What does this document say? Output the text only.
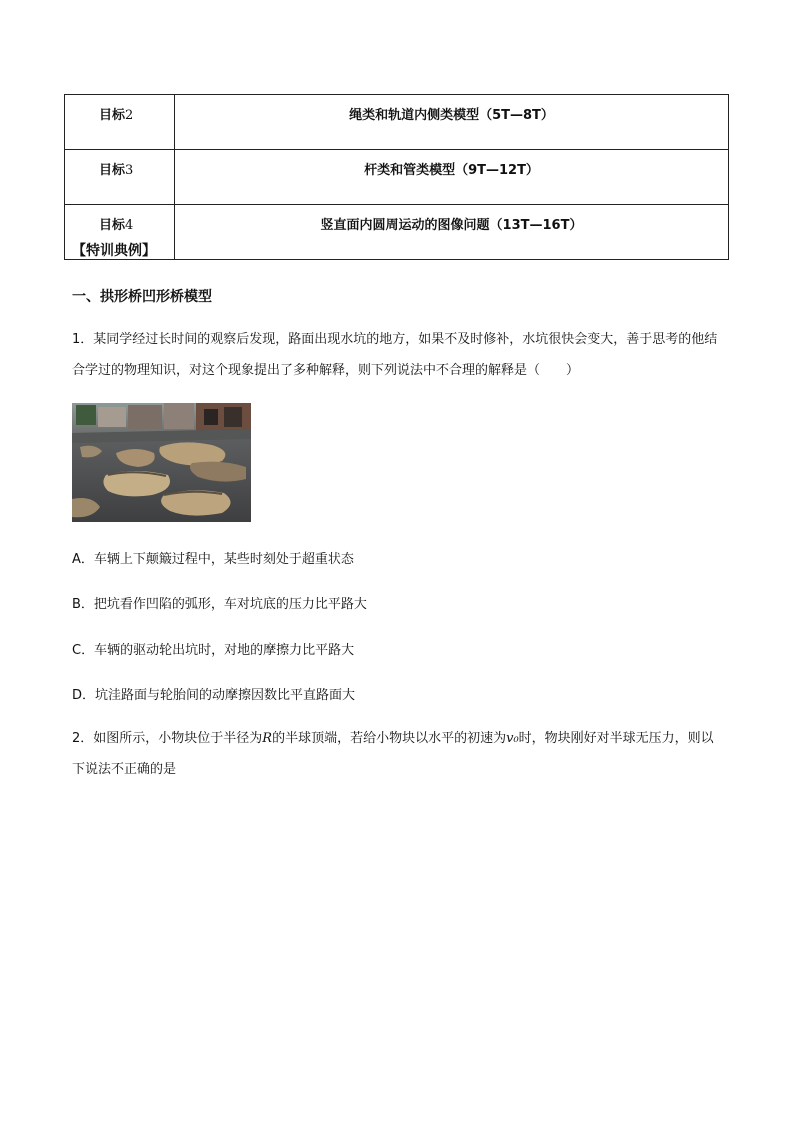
目标2	绳类和轨道内侧类模型（5T—8T）
目标3	杆类和管类模型（9T—12T）
目标4	竖直面内圆周运动的图像问题（13T—16T）
【特训典例】
一、拱形桥凹形桥模型
1．某同学经过长时间的观察后发现，路面出现水坑的地方，如果不及时修补，水坑很快会变大，善于思考的他结合学过的物理知识，对这个现象提出了多种解释，则下列说法中不合理的解释是（　　）
A．车辆上下颠簸过程中，某些时刻处于超重状态
B．把坑看作凹陷的弧形，车对坑底的压力比平路大
C．车辆的驱动轮出坑时，对地的摩擦力比平路大
D．坑洼路面与轮胎间的动摩擦因数比平直路面大
2．如图所示，小物块位于半径为R的半球顶端，若给小物块以水平的初速为v₀时，物块刚好对半球无压力，则以下说法不正确的是
